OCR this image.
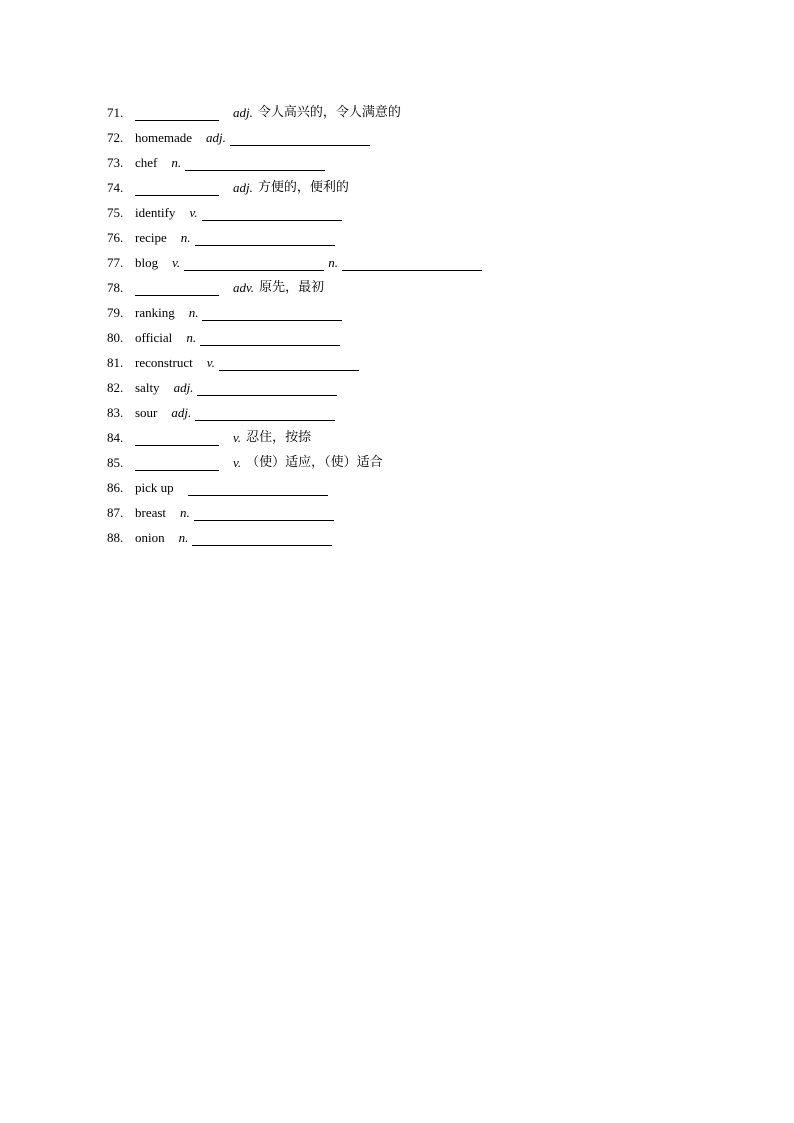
71.	adj. 令人高兴的，令人满意的
72. homemade adj.
73. chef n.
74.	adj. 方便的，便利的
75. identify v.
76. recipe n.
77. blog v.	n.
78.	adv. 原先，最初
79. ranking n.
80. official n.
81. reconstruct v.
82. salty adj.
83. sour adj.
84.	v. 忍住，按捺
85.	v. （使）适应，（使）适合
86. pick up
87. breast n.
88. onion n.
